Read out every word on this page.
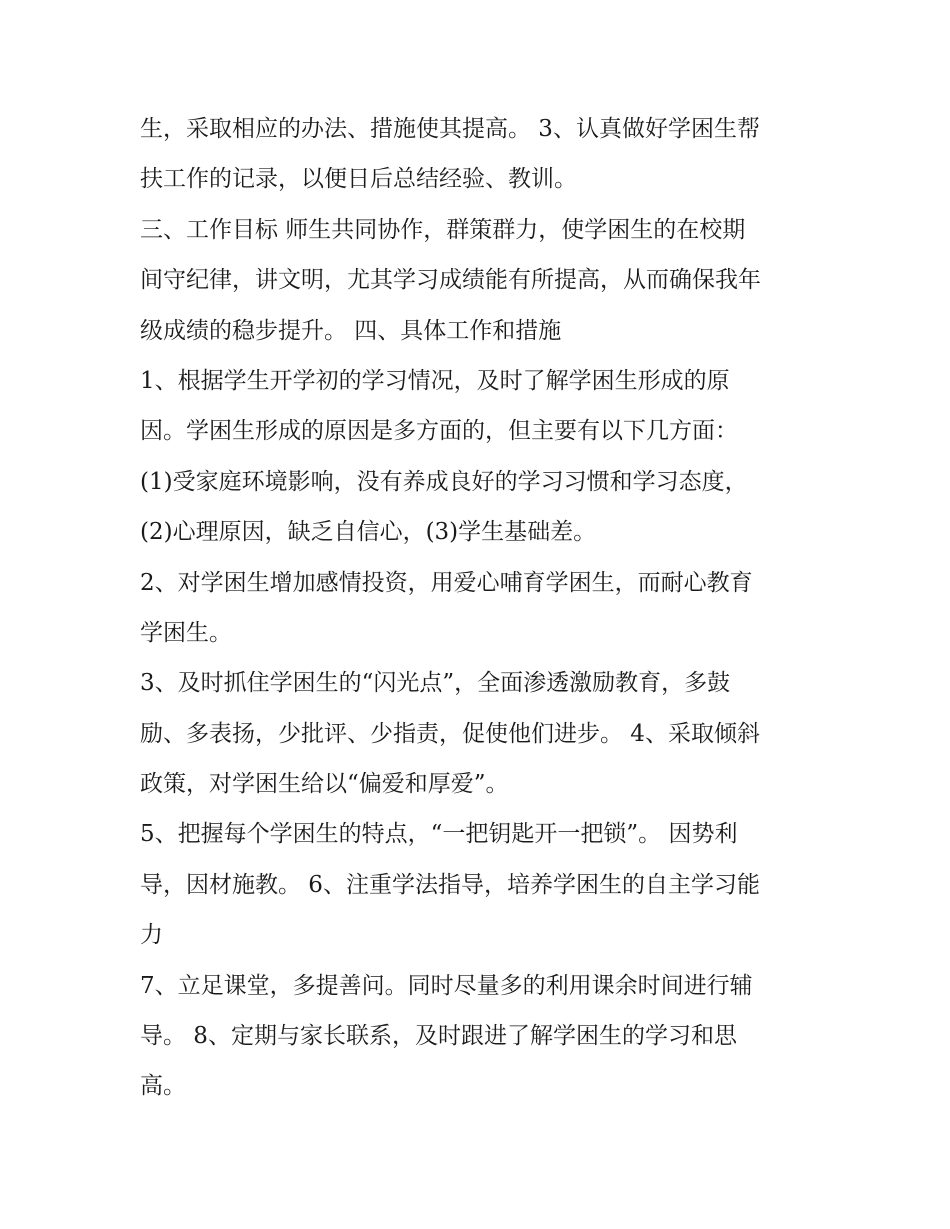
生，采取相应的办法、措施使其提高。 3、认真做好学困生帮

扶工作的记录，以便日后总结经验、教训。

三、工作目标 师生共同协作，群策群力，使学困生的在校期

间守纪律，讲文明，尤其学习成绩能有所提高，从而确保我年

级成绩的稳步提升。 四、具体工作和措施

1、根据学生开学初的学习情况，及时了解学困生形成的原

因。学困生形成的原因是多方面的，但主要有以下几方面：

(1)受家庭环境影响，没有养成良好的学习习惯和学习态度，

(2)心理原因，缺乏自信心，(3)学生基础差。

2、对学困生增加感情投资，用爱心哺育学困生，而耐心教育

学困生。

3、及时抓住学困生的“闪光点”，全面渗透激励教育，多鼓

励、多表扬，少批评、少指责，促使他们进步。 4、采取倾斜

政策，对学困生给以“偏爱和厚爱”。

5、把握每个学困生的特点，“一把钥匙开一把锁”。 因势利

导，因材施教。 6、注重学法指导，培养学困生的自主学习能

力

7、立足课堂，多提善问。同时尽量多的利用课余时间进行辅

导。 8、定期与家长联系，及时跟进了解学困生的学习和思

高。
